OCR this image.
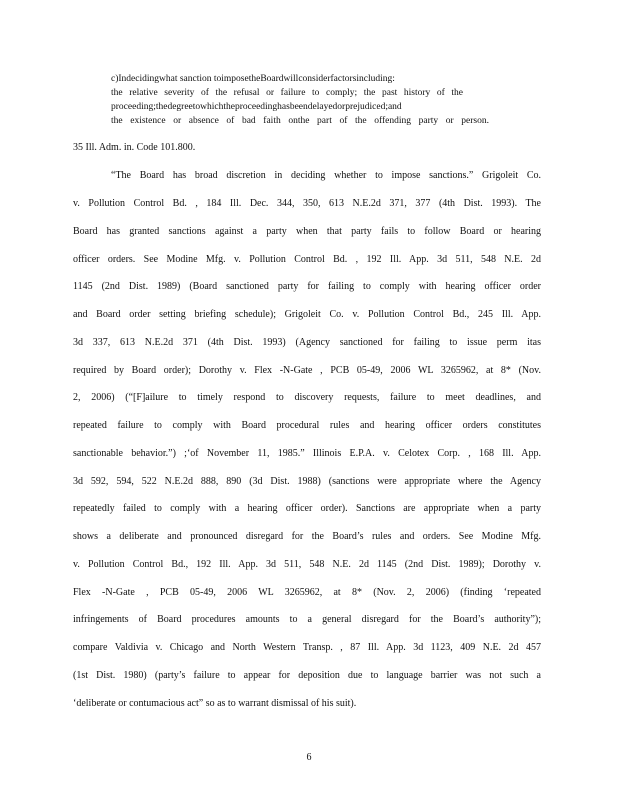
c)Indecidingwhat sanction toimposetheBoardwillconsiderfactorsincluding:
the relative severity of the refusal or failure to comply; the past history of the
proceeding;thedegreetowhichtheproceedinghasbeendelayedorprejudiced;and
the existence or absence of bad faith onthe part of the offending party or person.
35 Ill. Adm. in. Code 101.800.
“The Board has broad discretion in deciding whether to impose sanctions.” Grigoleit Co.
v. Pollution Control Bd. , 184 Ill. Dec. 344, 350, 613 N.E.2d 371, 377 (4th Dist. 1993). The
Board has granted sanctions against a party when that party fails to follow Board or hearing
officer orders. See Modine Mfg. v. Pollution Control Bd. , 192 Ill. App. 3d 511, 548 N.E. 2d
1145 (2nd Dist. 1989) (Board sanctioned party for failing to comply with hearing officer order
and Board order setting briefing schedule); Grigoleit Co. v. Pollution Control Bd., 245 Ill. App.
3d 337, 613 N.E.2d 371 (4th Dist. 1993) (Agency sanctioned for failing to issue perm itas
required by Board order); Dorothy v. Flex -N-Gate , PCB 05-49, 2006 WL 3265962, at 8* (Nov.
2, 2006) (“[F]ailure to timely respond to discovery requests, failure to meet deadlines, and
repeated failure to comply with Board procedural rules and hearing officer orders constitutes
sanctionable behavior.”) ;‘of November 11, 1985.” Illinois E.P.A. v. Celotex Corp. , 168 Ill. App.
3d 592, 594, 522 N.E.2d 888, 890 (3d Dist. 1988) (sanctions were appropriate where the Agency
repeatedly failed to comply with a hearing officer order). Sanctions are appropriate when a party
shows a deliberate and pronounced disregard for the Board’s rules and orders. See Modine Mfg.
v. Pollution Control Bd., 192 Ill. App. 3d 511, 548 N.E. 2d 1145 (2nd Dist. 1989); Dorothy v.
Flex -N-Gate , PCB 05-49, 2006 WL 3265962, at 8* (Nov. 2, 2006) (finding ‘repeated
infringements of Board procedures amounts to a general disregard for the Board’s authority”);
compare Valdivia v. Chicago and North Western Transp. , 87 Ill. App. 3d 1123, 409 N.E. 2d 457
(1st Dist. 1980) (party’s failure to appear for deposition due to language barrier was not such a
‘deliberate or contumacious act” so as to warrant dismissal of his suit).
6
